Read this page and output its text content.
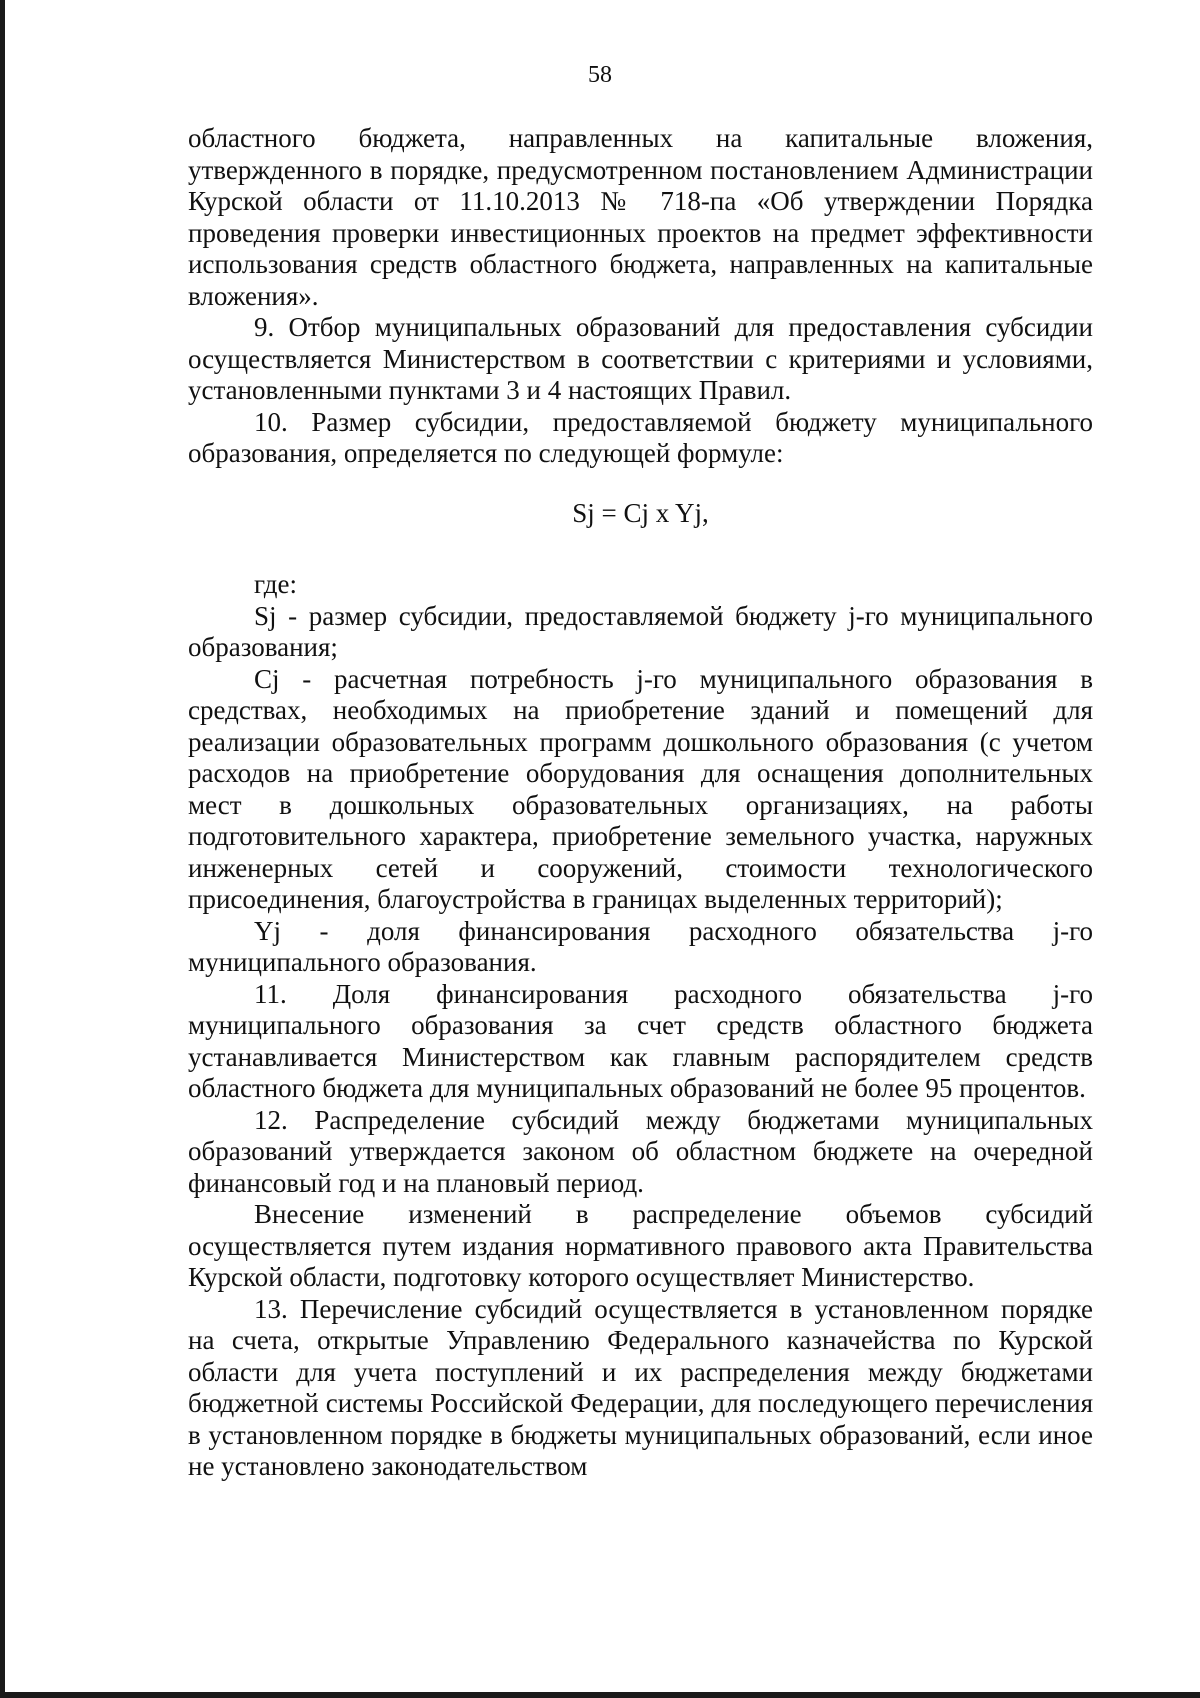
58

областного бюджета, направленных на капитальные вложения, утвержденного в порядке, предусмотренном постановлением Администрации Курской области от 11.10.2013 № 718-па «Об утверждении Порядка проведения проверки инвестиционных проектов на предмет эффективности использования средств областного бюджета, направленных на капитальные вложения».

9. Отбор муниципальных образований для предоставления субсидии осуществляется Министерством в соответствии с критериями и условиями, установленными пунктами 3 и 4 настоящих Правил.

10. Размер субсидии, предоставляемой бюджету муниципального образования, определяется по следующей формуле:

Sj = Cj x Yj,

где:

Sj - размер субсидии, предоставляемой бюджету j-го муниципального образования;

Cj - расчетная потребность j-го муниципального образования в средствах, необходимых на приобретение зданий и помещений для реализации образовательных программ дошкольного образования (с учетом расходов на приобретение оборудования для оснащения дополнительных мест в дошкольных образовательных организациях, на работы подготовительного характера, приобретение земельного участка, наружных инженерных сетей и сооружений, стоимости технологического присоединения, благоустройства в границах выделенных территорий);

Yj - доля финансирования расходного обязательства j-го муниципального образования.

11. Доля финансирования расходного обязательства j-го муниципального образования за счет средств областного бюджета устанавливается Министерством как главным распорядителем средств областного бюджета для муниципальных образований не более 95 процентов.

12. Распределение субсидий между бюджетами муниципальных образований утверждается законом об областном бюджете на очередной финансовый год и на плановый период.

Внесение изменений в распределение объемов субсидий осуществляется путем издания нормативного правового акта Правительства Курской области, подготовку которого осуществляет Министерство.

13. Перечисление субсидий осуществляется в установленном порядке на счета, открытые Управлению Федерального казначейства по Курской области для учета поступлений и их распределения между бюджетами бюджетной системы Российской Федерации, для последующего перечисления в установленном порядке в бюджеты муниципальных образований, если иное не установлено законодательством
